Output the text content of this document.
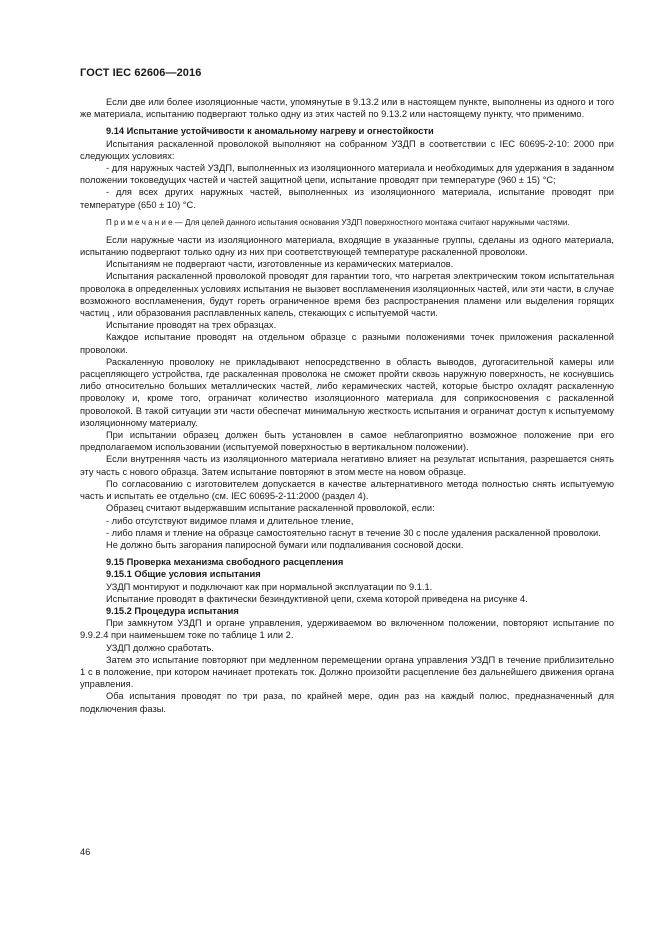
ГОСТ IEC 62606—2016

Если две или более изоляционные части, упомянутые в 9.13.2 или в настоящем пункте, выполнены из одного и того же материала, испытанию подвергают только одну из этих частей по 9.13.2 или настоящему пункту, что применимо.

9.14 Испытание устойчивости к аномальному нагреву и огнестойкости

Испытания раскаленной проволокой выполняют на собранном УЗДП в соответствии с IEC 60695-2-10: 2000 при следующих условиях:

- для наружных частей УЗДП, выполненных из изоляционного материала и необходимых для удержания в заданном положении токоведущих частей и частей защитной цепи, испытание проводят при температуре (960 ± 15) °С;

- для всех других наружных частей, выполненных из изоляционного материала, испытание проводят при температуре (650 ± 10) °С.

П р и м е ч а н и е — Для целей данного испытания основания УЗДП поверхностного монтажа считают наружными частями.

Если наружные части из изоляционного материала, входящие в указанные группы, сделаны из одного материала, испытанию подвергают только одну из них при соответствующей температуре раскаленной проволоки.

Испытаниям не подвергают части, изготовленные из керамических материалов.

Испытания раскаленной проволокой проводят для гарантии того, что нагретая электрическим током испытательная проволока в определенных условиях испытания не вызовет воспламенения изоляционных частей, или эти части, в случае возможного воспламенения, будут гореть ограниченное время без распространения пламени или выделения горящих частиц , или образования расплавленных капель, стекающих с испытуемой части.

Испытание проводят на трех образцах.

Каждое испытание проводят на отдельном образце с разными положениями точек приложения раскаленной проволоки.

Раскаленную проволоку не прикладывают непосредственно в область выводов, дугогасительной камеры или расцепляющего устройства, где раскаленная проволока не сможет пройти сквозь наружную поверхность, не коснувшись либо относительно больших металлических частей, либо керамических частей, которые быстро охладят раскаленную проволоку и, кроме того, ограничат количество изоляционного материала для соприкосновения с раскаленной проволокой. В такой ситуации эти части обеспечат минимальную жесткость испытания и ограничат доступ к испытуемому изоляционному материалу.

При испытании образец должен быть установлен в самое неблагоприятно возможное положение при его предполагаемом использовании (испытуемой поверхностью в вертикальном положении).

Если внутренняя часть из изоляционного материала негативно влияет на результат испытания, разрешается снять эту часть с нового образца. Затем испытание повторяют в этом месте на новом образце.

По согласованию с изготовителем допускается в качестве альтернативного метода полностью снять испытуемую часть и испытать ее отдельно (см. IEC 60695-2-11:2000 (раздел 4).

Образец считают выдержавшим испытание раскаленной проволокой, если:

- либо отсутствуют видимое пламя и длительное тление,

- либо пламя и тление на образце самостоятельно гаснут в течение 30 с после удаления раскаленной проволоки.

Не должно быть загорания папиросной бумаги или подпаливания сосновой доски.

9.15 Проверка механизма свободного расцепления
9.15.1 Общие условия испытания

УЗДП монтируют и подключают как при нормальной эксплуатации по 9.1.1.

Испытание проводят в фактически безиндуктивной цепи, схема которой приведена на рисунке 4.

9.15.2 Процедура испытания

При замкнутом УЗДП и органе управления, удерживаемом во включенном положении, повторяют испытание по 9.9.2.4 при наименьшем токе по таблице 1 или 2.

УЗДП должно сработать.

Затем это испытание повторяют при медленном перемещении органа управления УЗДП в течение приблизительно 1 с в положение, при котором начинает протекать ток. Должно произойти расцепление без дальнейшего движения органа управления.

Оба испытания проводят по три раза, по крайней мере, один раз на каждый полюс, предназначенный для подключения фазы.

46
